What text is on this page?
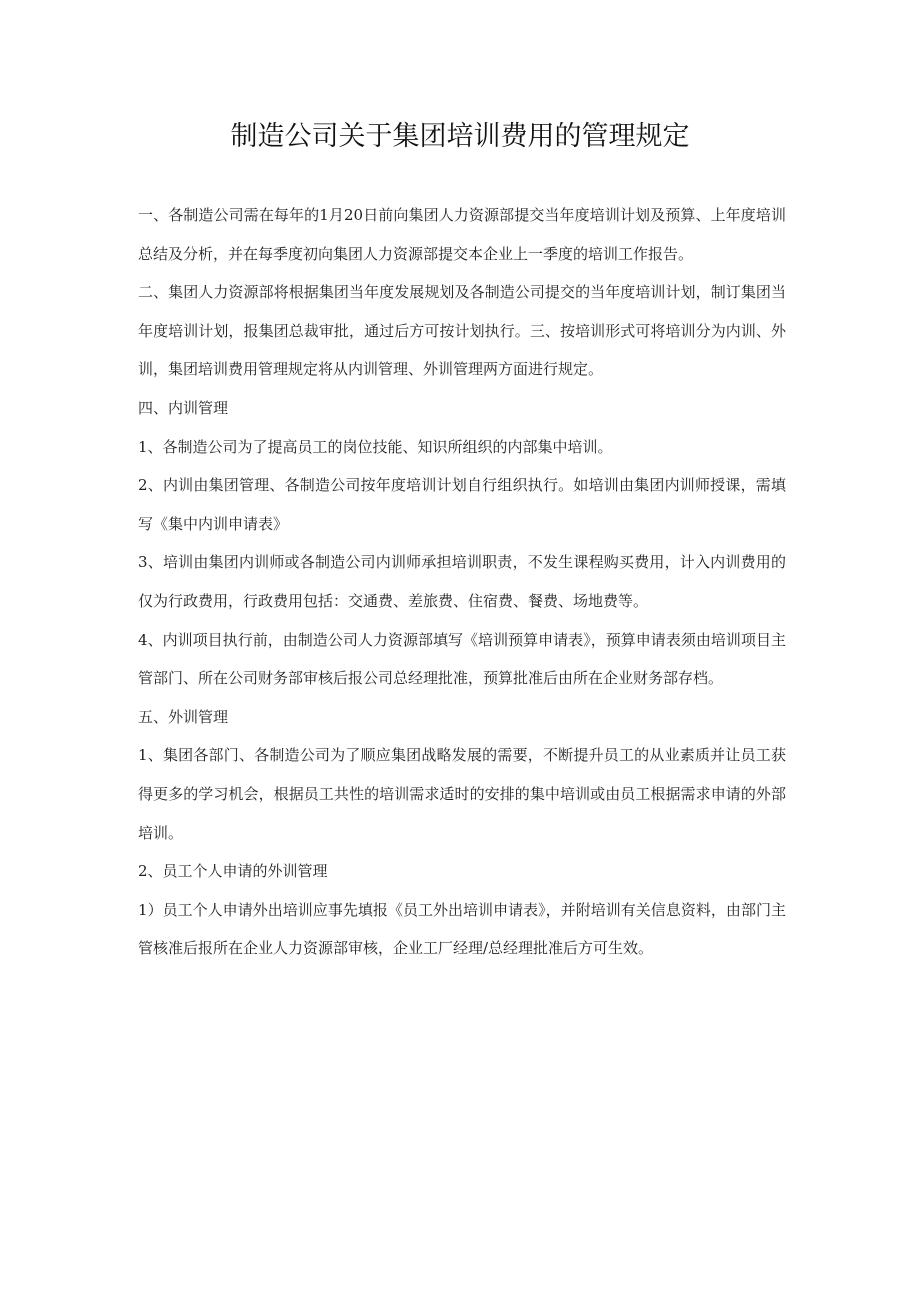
制造公司关于集团培训费用的管理规定

一、各制造公司需在每年的1月20日前向集团人力资源部提交当年度培训计划及预算、上年度培训总结及分析，并在每季度初向集团人力资源部提交本企业上一季度的培训工作报告。

二、集团人力资源部将根据集团当年度发展规划及各制造公司提交的当年度培训计划，制订集团当年度培训计划，报集团总裁审批，通过后方可按计划执行。三、按培训形式可将培训分为内训、外训，集团培训费用管理规定将从内训管理、外训管理两方面进行规定。

四、内训管理

1、各制造公司为了提高员工的岗位技能、知识所组织的内部集中培训。

2、内训由集团管理、各制造公司按年度培训计划自行组织执行。如培训由集团内训师授课，需填写《集中内训申请表》

3、培训由集团内训师或各制造公司内训师承担培训职责，不发生课程购买费用，计入内训费用的仅为行政费用，行政费用包括：交通费、差旅费、住宿费、餐费、场地费等。

4、内训项目执行前，由制造公司人力资源部填写《培训预算申请表》，预算申请表须由培训项目主管部门、所在公司财务部审核后报公司总经理批准，预算批准后由所在企业财务部存档。

五、外训管理

1、集团各部门、各制造公司为了顺应集团战略发展的需要，不断提升员工的从业素质并让员工获得更多的学习机会，根据员工共性的培训需求适时的安排的集中培训或由员工根据需求申请的外部培训。

2、员工个人申请的外训管理

1）员工个人申请外出培训应事先填报《员工外出培训申请表》，并附培训有关信息资料，由部门主管核准后报所在企业人力资源部审核，企业工厂经理/总经理批准后方可生效。
